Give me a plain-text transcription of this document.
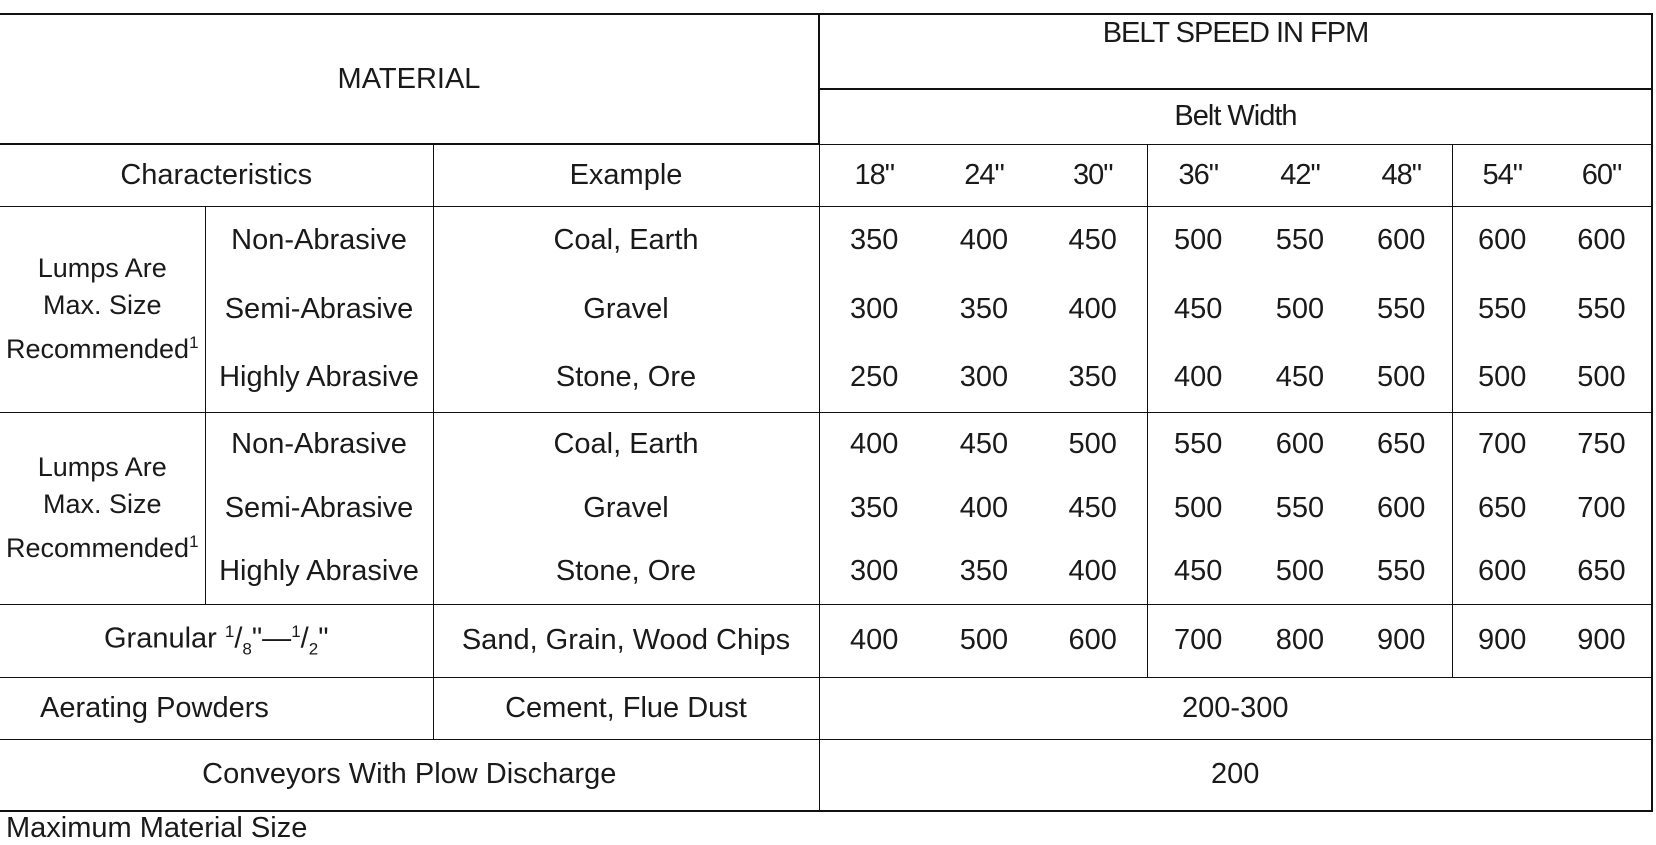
MATERIAL			BELT SPEED IN FPM							
			Belt Width							
Characteristics		Example	18"	24"	30"	36"	42"	48"	54"	60"
Lumps Are
Max. Size
Recommended$^1$	Non-Abrasive	Coal, Earth	350	400	450	500	550	600	600	600
	Semi-Abrasive	Gravel	300	350	400	450	500	550	550	550
	Highly Abrasive	Stone, Ore	250	300	350	400	450	500	500	500
Lumps Are
Max. Size
Recommended$^1$	Non-Abrasive	Coal, Earth	400	450	500	550	600	650	700	750
	Semi-Abrasive	Gravel	350	400	450	500	550	600	650	700
	Highly Abrasive	Stone, Ore	300	350	400	450	500	550	600	650
Granular $^1/_8"—^1/_2$"		Sand, Grain, Wood Chips	400	500	600	700	800	900	900	900
Aerating Powders		Cement, Flue Dust	200-300							
Conveyors With Plow Discharge			200							
Maximum Material Size
